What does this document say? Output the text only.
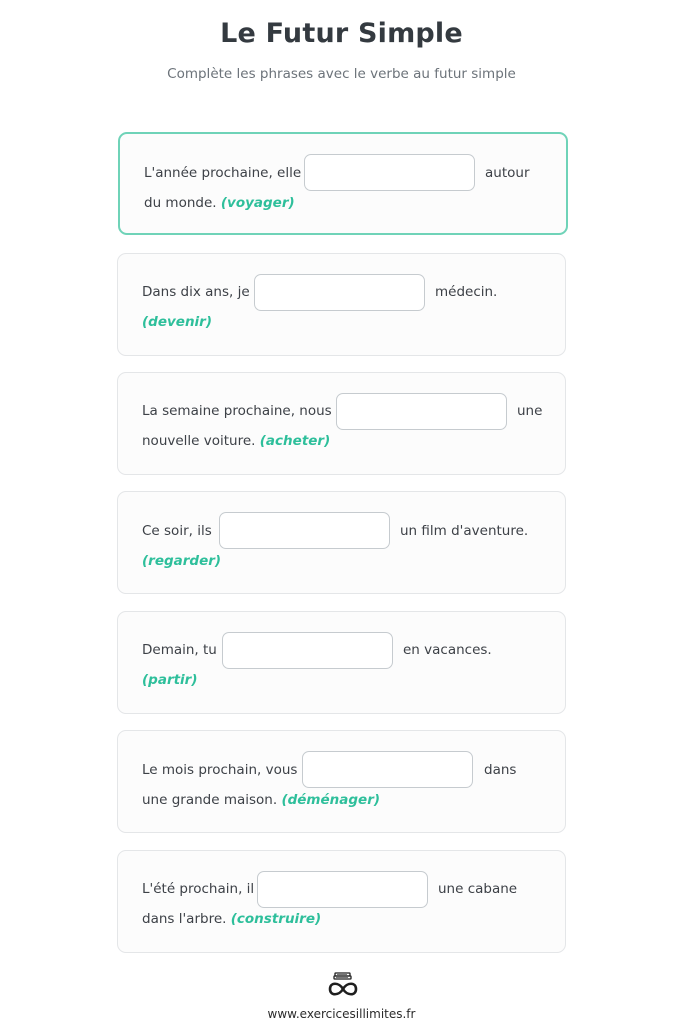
Le Futur Simple

Complète les phrases avec le verbe au futur simple

L'année prochaine, elle	autour
du monde. (voyager)
Dans dix ans, je	médecin.
(devenir)
La semaine prochaine, nous	une
nouvelle voiture. (acheter)
Ce soir, ils	un film d'aventure.
(regarder)
Demain, tu	en vacances.
(partir)
Le mois prochain, vous	dans
une grande maison. (déménager)
L'été prochain, il	une cabane
dans l'arbre. (construire)
www.exercicesillimites.fr
